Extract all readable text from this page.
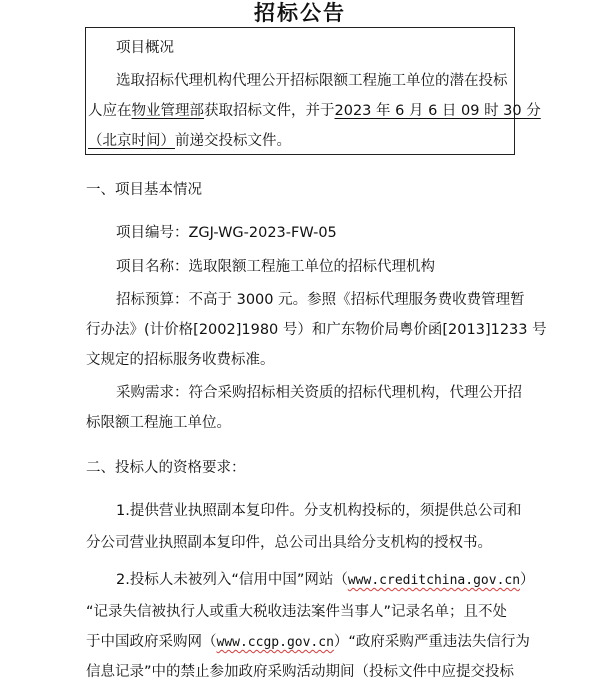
招标公告
项目概况
选取招标代理机构代理公开招标限额工程施工单位的潜在投标
人应在物业管理部获取招标文件，并于2023 年 6 月 6 日 09 时 30 分
（北京时间）前递交投标文件。
一、项目基本情况
项目编号：ZGJ-WG-2023-FW-05
项目名称：选取限额工程施工单位的招标代理机构
招标预算：不高于 3000 元。参照《招标代理服务费收费管理暂
行办法》(计价格[2002]1980 号）和广东物价局粤价函[2013]1233 号
文规定的招标服务收费标准。
采购需求：符合采购招标相关资质的招标代理机构，代理公开招
标限额工程施工单位。
二、投标人的资格要求：
1.提供营业执照副本复印件。分支机构投标的，须提供总公司和
分公司营业执照副本复印件，总公司出具给分支机构的授权书。
2.投标人未被列入“信用中国”网站（www.creditchina.gov.cn）
“记录失信被执行人或重大税收违法案件当事人”记录名单；且不处
于中国政府采购网（www.ccgp.gov.cn）“政府采购严重违法失信行为
信息记录”中的禁止参加政府采购活动期间（投标文件中应提交投标
